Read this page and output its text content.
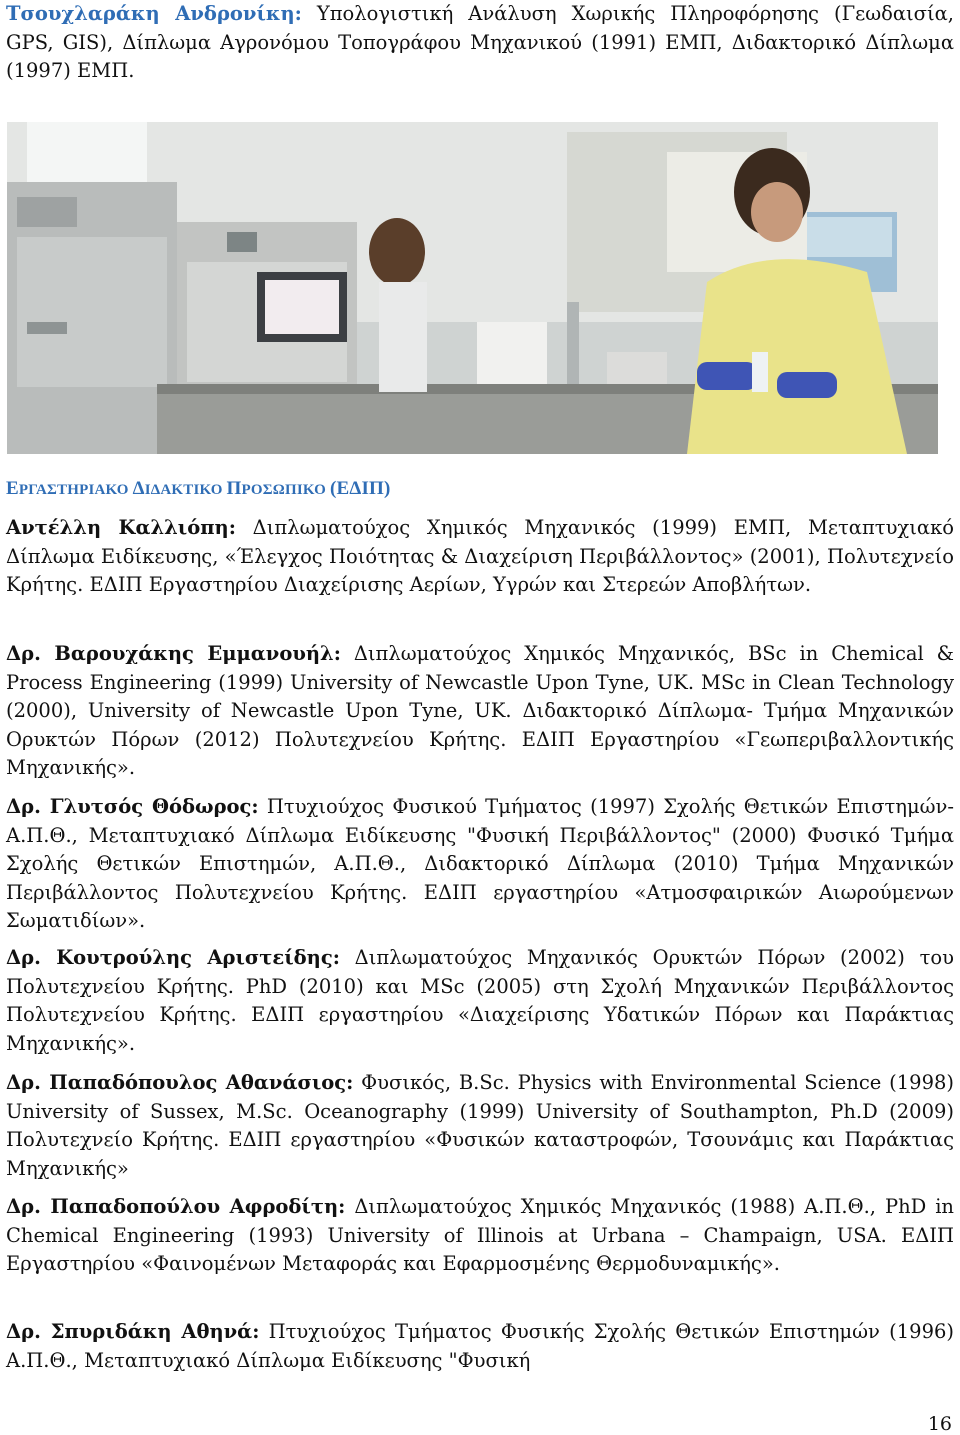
Τσουχλαράκη Ανδρονίκη: Υπολογιστική Ανάλυση Χωρικής Πληροφόρησης (Γεωδαισία, GPS, GIS), Δίπλωμα Αγρονόμου Τοπογράφου Μηχανικού (1991) ΕΜΠ, Διδακτορικό Δίπλωμα (1997) ΕΜΠ.

ΕΡΓΑΣΤΗΡΙΑΚΟ ΔΙΔΑΚΤΙΚΟ ΠΡΟΣΩΠΙΚΟ (ΕΔΙΠ)

Αντέλλη Καλλιόπη: Διπλωματούχος Χημικός Μηχανικός (1999) ΕΜΠ, Μεταπτυχιακό Δίπλωμα Ειδίκευσης, «Έλεγχος Ποιότητας & Διαχείριση Περιβάλλοντος» (2001), Πολυτεχνείο Κρήτης. ΕΔΙΠ Εργαστηρίου Διαχείρισης Αερίων, Υγρών και Στερεών Αποβλήτων.

Δρ. Βαρουχάκης Εμμανουήλ: Διπλωματούχος Χημικός Μηχανικός, BSc in Chemical & Process Engineering (1999) University of Newcastle Upon Tyne, UK. MSc in Clean Technology (2000), University of Newcastle Upon Tyne, UK. Διδακτορικό Δίπλωμα- Τμήμα Μηχανικών Ορυκτών Πόρων (2012) Πολυτεχνείου Κρήτης. ΕΔΙΠ Εργαστηρίου «Γεωπεριβαλλοντικής Μηχανικής».

Δρ. Γλυτσός Θόδωρος: Πτυχιούχος Φυσικού Τμήματος (1997) Σχολής Θετικών Επιστημών-Α.Π.Θ., Μεταπτυχιακό Δίπλωμα Ειδίκευσης "Φυσική Περιβάλλοντος" (2000) Φυσικό Τμήμα Σχολής Θετικών Επιστημών, Α.Π.Θ., Διδακτορικό Δίπλωμα (2010) Τμήμα Μηχανικών Περιβάλλοντος Πολυτεχνείου Κρήτης. ΕΔΙΠ εργαστηρίου «Ατμοσφαιρικών Αιωρούμενων Σωματιδίων».

Δρ. Κουτρούλης Αριστείδης: Διπλωματούχος Μηχανικός Ορυκτών Πόρων (2002) του Πολυτεχνείου Κρήτης. PhD (2010) και MSc (2005) στη Σχολή Μηχανικών Περιβάλλοντος Πολυτεχνείου Κρήτης. ΕΔΙΠ εργαστηρίου «Διαχείρισης Υδατικών Πόρων και Παράκτιας Μηχανικής».

Δρ. Παπαδόπουλος Αθανάσιος: Φυσικός, B.Sc. Physics with Environmental Science (1998) University of Sussex, M.Sc. Oceanography (1999) University of Southampton, Ph.D (2009) Πολυτεχνείο Κρήτης. ΕΔΙΠ εργαστηρίου «Φυσικών καταστροφών, Τσουνάμις και Παράκτιας Μηχανικής»

Δρ. Παπαδοπούλου Αφροδίτη: Διπλωματούχος Χημικός Μηχανικός (1988) Α.Π.Θ., PhD in Chemical Engineering (1993) University of Illinois at Urbana – Champaign, USA. ΕΔΙΠ Εργαστηρίου «Φαινομένων Μεταφοράς και Εφαρμοσμένης Θερμοδυναμικής».

Δρ. Σπυριδάκη Αθηνά: Πτυχιούχος Τμήματος Φυσικής Σχολής Θετικών Επιστημών (1996) Α.Π.Θ., Μεταπτυχιακό Δίπλωμα Ειδίκευσης "Φυσική

16
